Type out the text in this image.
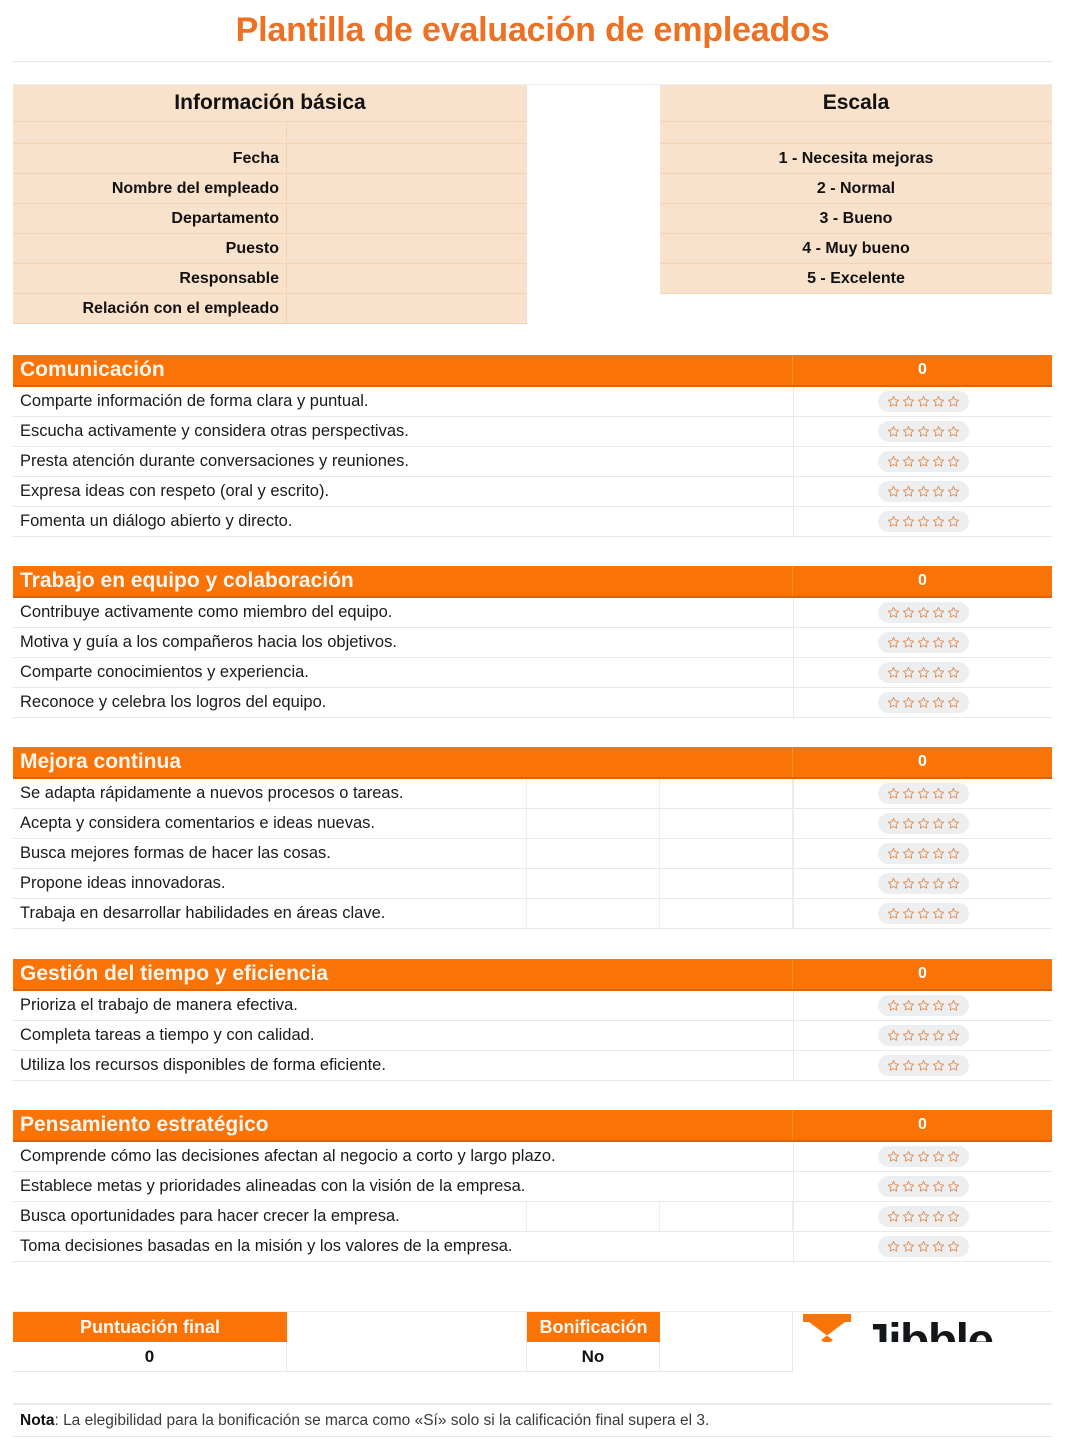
Plantilla de evaluación de empleados
Información básica
Fecha
Nombre del empleado
Departamento
Puesto
Responsable
Relación con el empleado
Escala
1 - Necesita mejoras
2 - Normal
3 - Bueno
4 - Muy bueno
5 - Excelente
Comunicación	0
Comparte información de forma clara y puntual.
Escucha activamente y considera otras perspectivas.
Presta atención durante conversaciones y reuniones.
Expresa ideas con respeto (oral y escrito).
Fomenta un diálogo abierto y directo.
Trabajo en equipo y colaboración	0
Contribuye activamente como miembro del equipo.
Motiva y guía a los compañeros hacia los objetivos.
Comparte conocimientos y experiencia.
Reconoce y celebra los logros del equipo.
Mejora continua	0
Se adapta rápidamente a nuevos procesos o tareas.
Acepta y considera comentarios e ideas nuevas.
Busca mejores formas de hacer las cosas.
Propone ideas innovadoras.
Trabaja en desarrollar habilidades en áreas clave.
Gestión del tiempo y eficiencia	0
Prioriza el trabajo de manera efectiva.
Completa tareas a tiempo y con calidad.
Utiliza los recursos disponibles de forma eficiente.
Pensamiento estratégico	0
Comprende cómo las decisiones afectan al negocio a corto y largo plazo.
Establece metas y prioridades alineadas con la visión de la empresa.
Busca oportunidades para hacer crecer la empresa.
Toma decisiones basadas en la misión y los valores de la empresa.
Puntuación final	Bonificación
0	No
Nota : La elegibilidad para la bonificación se marca como «Sí» solo si la calificación final supera el 3.
